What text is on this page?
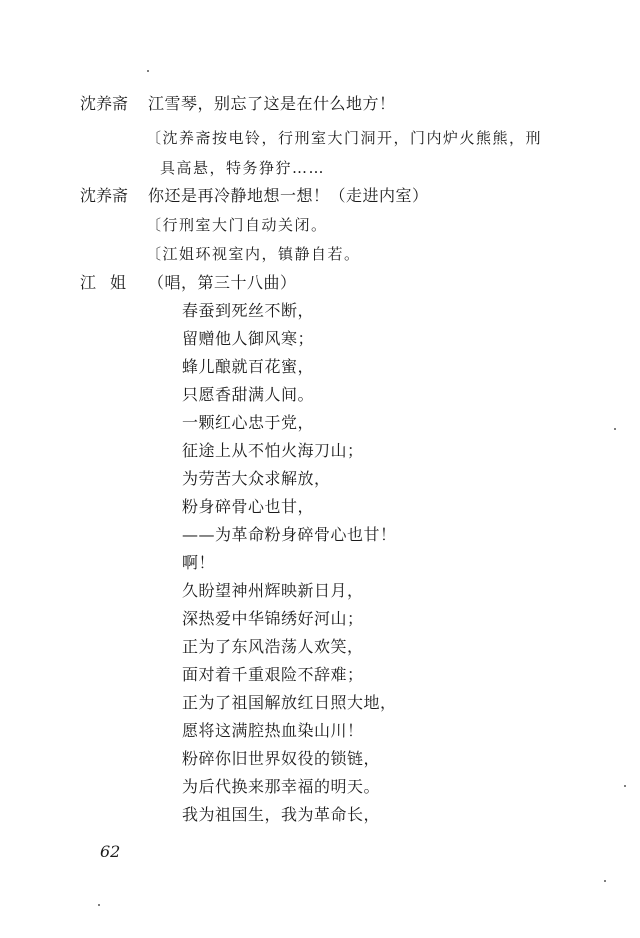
沈养斋 江雪琴，别忘了这是在什么地方！
〔沈养斋按电铃，行刑室大门洞开，门内炉火熊熊，刑
具高悬，特务狰狞……
沈养斋 你还是再冷静地想一想！（走进内室）
〔行刑室大门自动关闭。
〔江姐环视室内，镇静自若。
江姐 （唱，第三十八曲）
春蚕到死丝不断，
留赠他人御风寒；
蜂儿酿就百花蜜，
只愿香甜满人间。
一颗红心忠于党，
征途上从不怕火海刀山；
为劳苦大众求解放，
粉身碎骨心也甘，
——为革命粉身碎骨心也甘！
啊！
久盼望神州辉映新日月，
深热爱中华锦绣好河山；
正为了东风浩荡人欢笑，
面对着千重艰险不辞难；
正为了祖国解放红日照大地，
愿将这满腔热血染山川！
粉碎你旧世界奴役的锁链，
为后代换来那幸福的明天。
我为祖国生，我为革命长，
62
